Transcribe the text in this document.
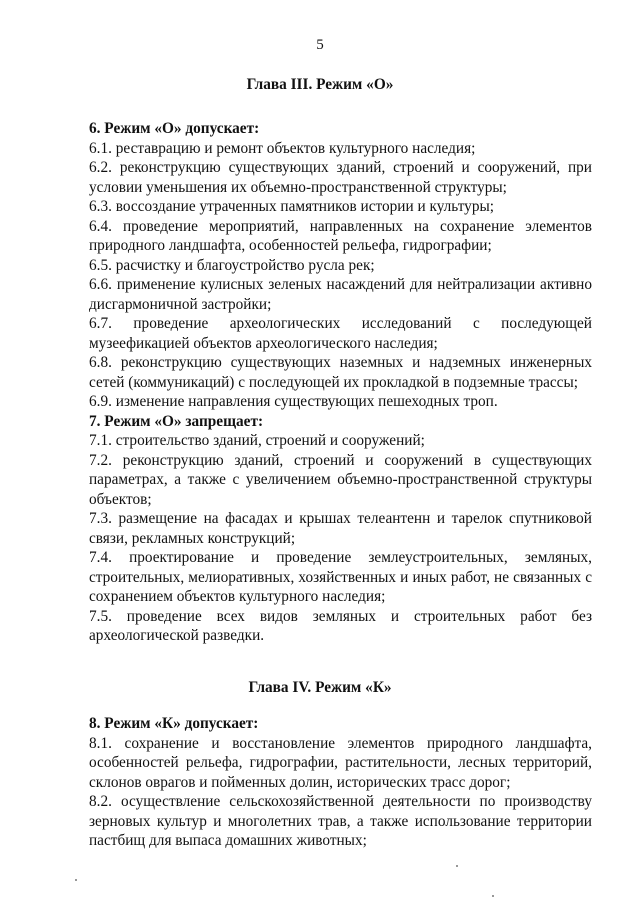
5
Глава III. Режим «О»

6. Режим «О» допускает:

6.1. реставрацию и ремонт объектов культурного наследия;

6.2. реконструкцию существующих зданий, строений и сооружений, при условии уменьшения их объемно-пространственной структуры;

6.3. воссоздание утраченных памятников истории и культуры;

6.4. проведение мероприятий, направленных на сохранение элементов природного ландшафта, особенностей рельефа, гидрографии;

6.5. расчистку и благоустройство русла рек;

6.6. применение кулисных зеленых насаждений для нейтрализации активно дисгармоничной застройки;

6.7. проведение археологических исследований с последующей музеефикацией объектов археологического наследия;

6.8. реконструкцию существующих наземных и надземных инженерных сетей (коммуникаций) с последующей их прокладкой в подземные трассы;

6.9. изменение направления существующих пешеходных троп.

7. Режим «О» запрещает:

7.1. строительство зданий, строений и сооружений;

7.2. реконструкцию зданий, строений и сооружений в существующих параметрах, а также с увеличением объемно-пространственной структуры объектов;

7.3. размещение на фасадах и крышах телеантенн и тарелок спутниковой связи, рекламных конструкций;

7.4. проектирование и проведение землеустроительных, земляных, строительных, мелиоративных, хозяйственных и иных работ, не связанных с сохранением объектов культурного наследия;

7.5. проведение всех видов земляных и строительных работ без археологической разведки.

Глава IV. Режим «К»

8. Режим «К» допускает:

8.1. сохранение и восстановление элементов природного ландшафта, особенностей рельефа, гидрографии, растительности, лесных территорий, склонов оврагов и пойменных долин, исторических трасс дорог;

8.2. осуществление сельскохозяйственной деятельности по производству зерновых культур и многолетних трав, а также использование территории пастбищ для выпаса домашних животных;
